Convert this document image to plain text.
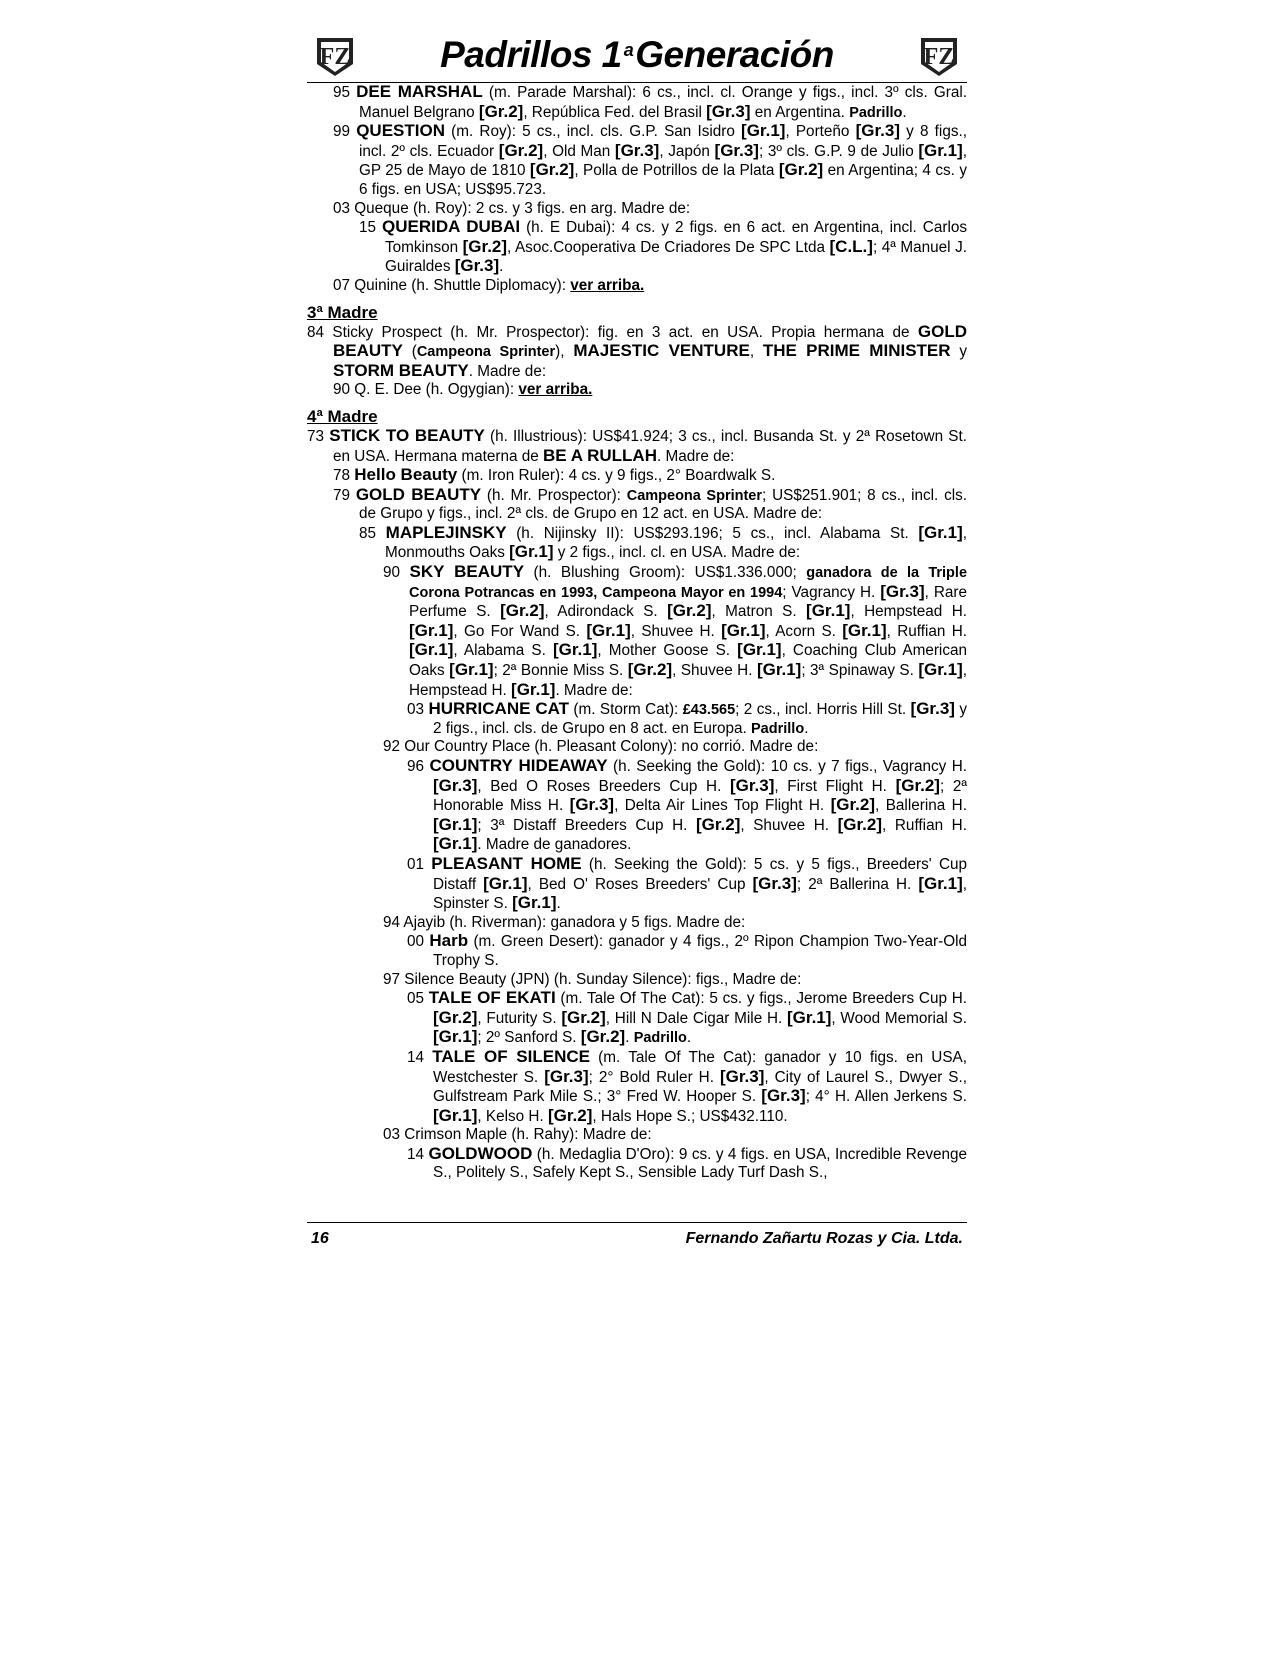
FZ	Padrillos 1 $^a$Generación	FZ
95 DEE MARSHAL (m. Parade Marshal): 6 cs., incl. cl. Orange y figs., incl. 3º cls. Gral. Manuel Belgrano [Gr.2], República Fed. del Brasil [Gr.3] en Argentina. Padrillo.
99 QUESTION (m. Roy): 5 cs., incl. cls. G.P. San Isidro [Gr.1], Porteño [Gr.3] y 8 figs., incl. 2º cls. Ecuador [Gr.2], Old Man [Gr.3], Japón [Gr.3]; 3º cls. G.P. 9 de Julio [Gr.1], GP 25 de Mayo de 1810 [Gr.2], Polla de Potrillos de la Plata [Gr.2] en Argentina; 4 cs. y 6 figs. en USA; US$95.723.
03 Queque (h. Roy): 2 cs. y 3 figs. en arg. Madre de:
15 QUERIDA DUBAI (h. E Dubai): 4 cs. y 2 figs. en 6 act. en Argentina, incl. Carlos Tomkinson [Gr.2], Asoc.Cooperativa De Criadores De SPC Ltda [C.L.]; 4ª Manuel J. Guiraldes [Gr.3].
07 Quinine (h. Shuttle Diplomacy): ver arriba.
3ª Madre
84 Sticky Prospect (h. Mr. Prospector): fig. en 3 act. en USA. Propia hermana de GOLD BEAUTY (Campeona Sprinter), MAJESTIC VENTURE, THE PRIME MINISTER y STORM BEAUTY. Madre de:
90 Q. E. Dee (h. Ogygian): ver arriba.
4ª Madre
73 STICK TO BEAUTY (h. Illustrious): US$41.924; 3 cs., incl. Busanda St. y 2ª Rosetown St. en USA. Hermana materna de BE A RULLAH. Madre de:
78 Hello Beauty (m. Iron Ruler): 4 cs. y 9 figs., 2° Boardwalk S.
79 GOLD BEAUTY (h. Mr. Prospector): Campeona Sprinter; US$251.901; 8 cs., incl. cls. de Grupo y figs., incl. 2ª cls. de Grupo en 12 act. en USA. Madre de:
85 MAPLEJINSKY (h. Nijinsky II): US$293.196; 5 cs., incl. Alabama St. [Gr.1], Monmouths Oaks [Gr.1] y 2 figs., incl. cl. en USA. Madre de:
90 SKY BEAUTY (h. Blushing Groom): US$1.336.000; ganadora de la Triple Corona Potrancas en 1993, Campeona Mayor en 1994; Vagrancy H. [Gr.3], Rare Perfume S. [Gr.2], Adirondack S. [Gr.2], Matron S. [Gr.1], Hempstead H. [Gr.1], Go For Wand S. [Gr.1], Shuvee H. [Gr.1], Acorn S. [Gr.1], Ruffian H. [Gr.1], Alabama S. [Gr.1], Mother Goose S. [Gr.1], Coaching Club American Oaks [Gr.1]; 2ª Bonnie Miss S. [Gr.2], Shuvee H. [Gr.1]; 3ª Spinaway S. [Gr.1], Hempstead H. [Gr.1]. Madre de:
03 HURRICANE CAT (m. Storm Cat): £43.565; 2 cs., incl. Horris Hill St. [Gr.3] y 2 figs., incl. cls. de Grupo en 8 act. en Europa. Padrillo.
92 Our Country Place (h. Pleasant Colony): no corrió. Madre de:
96 COUNTRY HIDEAWAY (h. Seeking the Gold): 10 cs. y 7 figs., Vagrancy H. [Gr.3], Bed O Roses Breeders Cup H. [Gr.3], First Flight H. [Gr.2]; 2ª Honorable Miss H. [Gr.3], Delta Air Lines Top Flight H. [Gr.2], Ballerina H. [Gr.1]; 3ª Distaff Breeders Cup H. [Gr.2], Shuvee H. [Gr.2], Ruffian H. [Gr.1]. Madre de ganadores.
01 PLEASANT HOME (h. Seeking the Gold): 5 cs. y 5 figs., Breeders' Cup Distaff [Gr.1], Bed O' Roses Breeders' Cup [Gr.3]; 2ª Ballerina H. [Gr.1], Spinster S. [Gr.1].
94 Ajayib (h. Riverman): ganadora y 5 figs. Madre de:
00 Harb (m. Green Desert): ganador y 4 figs., 2º Ripon Champion Two-Year-Old Trophy S.
97 Silence Beauty (JPN) (h. Sunday Silence): figs., Madre de:
05 TALE OF EKATI (m. Tale Of The Cat): 5 cs. y figs., Jerome Breeders Cup H. [Gr.2], Futurity S. [Gr.2], Hill N Dale Cigar Mile H. [Gr.1], Wood Memorial S. [Gr.1]; 2º Sanford S. [Gr.2]. Padrillo.
14 TALE OF SILENCE (m. Tale Of The Cat): ganador y 10 figs. en USA, Westchester S. [Gr.3]; 2° Bold Ruler H. [Gr.3], City of Laurel S., Dwyer S., Gulfstream Park Mile S.; 3° Fred W. Hooper S. [Gr.3]; 4° H. Allen Jerkens S. [Gr.1], Kelso H. [Gr.2], Hals Hope S.; US$432.110.
03 Crimson Maple (h. Rahy): Madre de:
14 GOLDWOOD (h. Medaglia D'Oro): 9 cs. y 4 figs. en USA, Incredible Revenge S., Politely S., Safely Kept S., Sensible Lady Turf Dash S.,
16	Fernando Zañartu Rozas y Cia. Ltda.
